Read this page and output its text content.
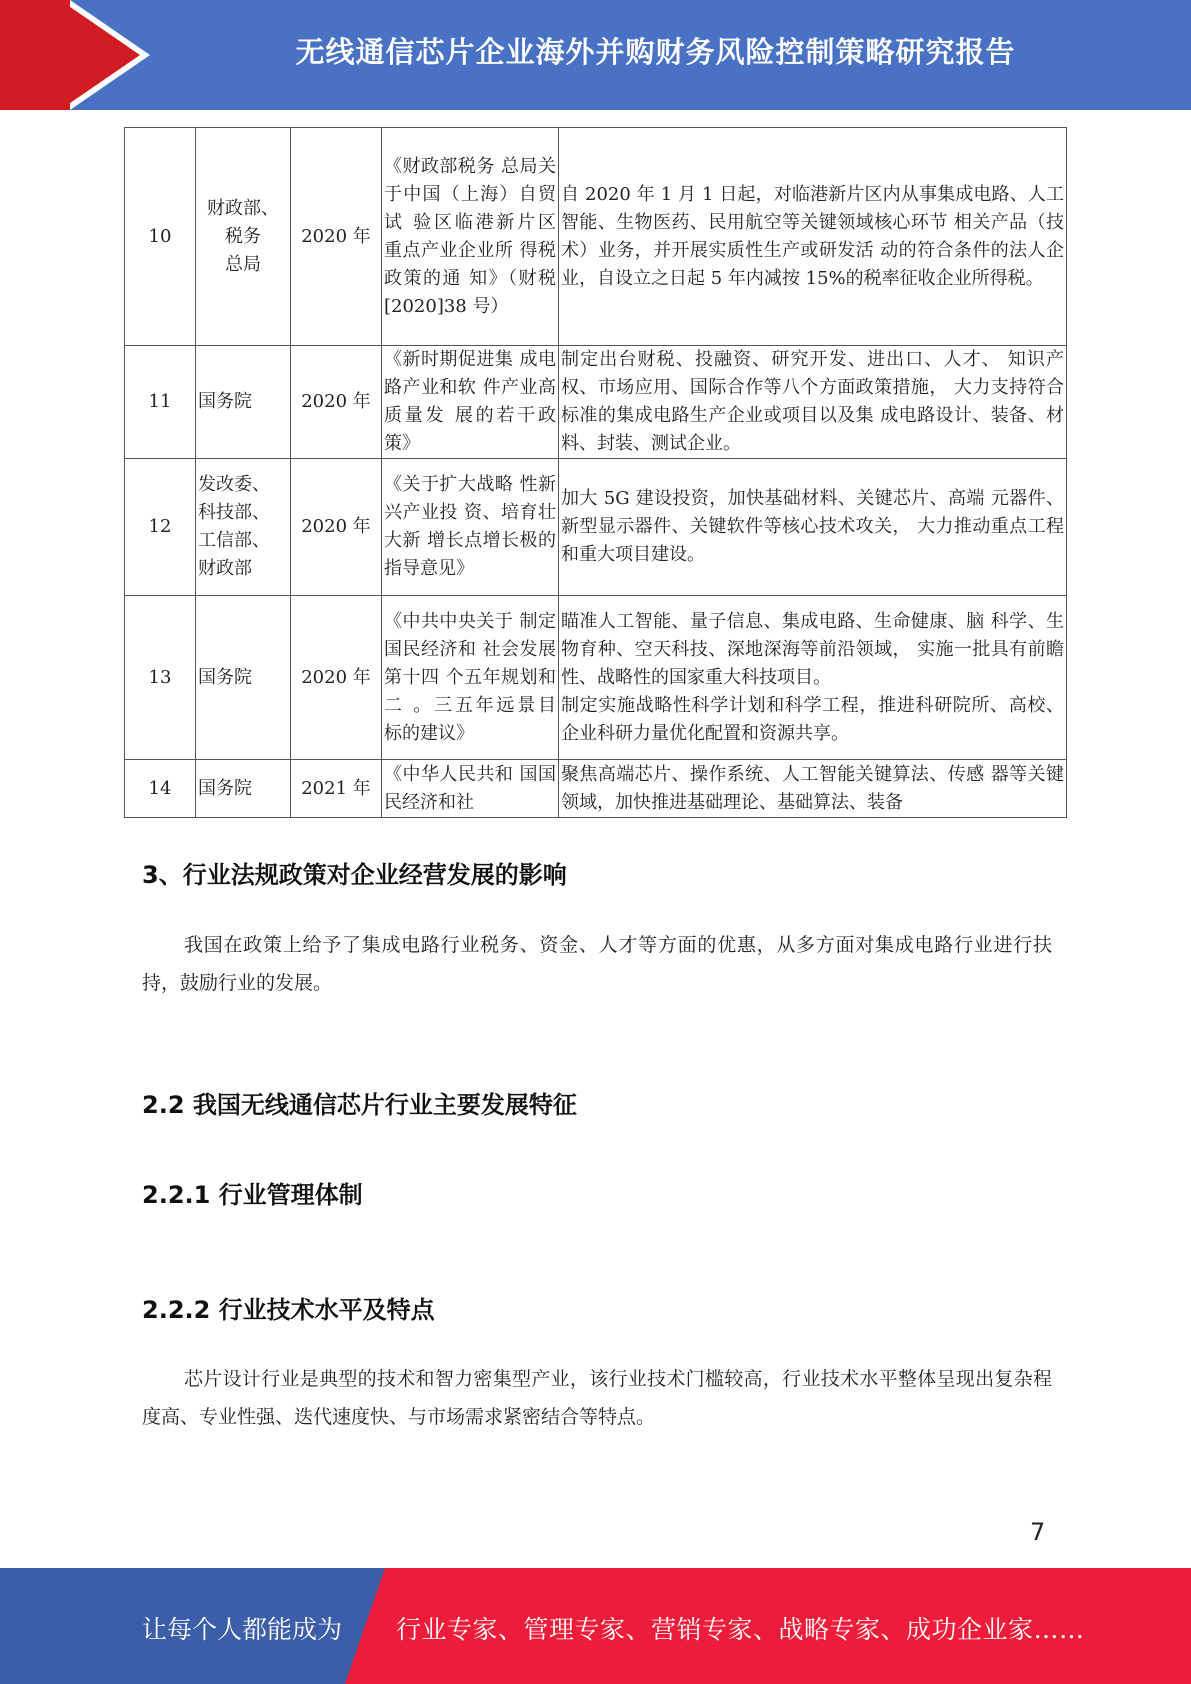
无线通信芯片企业海外并购财务风险控制策略研究报告
10	财政部、
税务
总局	2020 年	《财政部税务 总局关于中国（上海）自贸试 验区临港新片区 重点产业企业所 得税政策的通 知》（财税[2020]38 号）	自 2020 年 1 月 1 日起，对临港新片区内从事集成电路、人工智能、生物医药、民用航空等关键领域核心环节 相关产品（技术）业务，并开展实质性生产或研发活 动的符合条件的法人企业，自设立之日起 5 年内减按 15%的税率征收企业所得税。
11	国务院	2020 年	《新时期促进集 成电路产业和软 件产业高质量发 展的若干政策》	制定出台财税、投融资、研究开发、进出口、人才、 知识产权、市场应用、国际合作等八个方面政策措施， 大力支持符合标准的集成电路生产企业或项目以及集 成电路设计、装备、材料、封装、测试企业。
12	发改委、
科技部、
工信部、
财政部	2020 年	《关于扩大战略 性新兴产业投 资、培育壮大新 增长点增长极的 指导意见》	加大 5G 建设投资，加快基础材料、关键芯片、高端 元器件、新型显示器件、关键软件等核心技术攻关， 大力推动重点工程和重大项目建设。
13	国务院	2020 年	《中共中央关于 制定国民经济和 社会发展第十四 个五年规划和二 。三五年远景目 标的建议》	瞄准人工智能、量子信息、集成电路、生命健康、脑 科学、生物育种、空天科技、深地深海等前沿领域， 实施一批具有前瞻性、战略性的国家重大科技项目。
制定实施战略性科学计划和科学工程，推进科研院所、高校、企业科研力量优化配置和资源共享。

14	国务院	2021 年	《中华人民共和 国国民经济和社	聚焦高端芯片、操作系统、人工智能关键算法、传感 器等关键领域，加快推进基础理论、基础算法、装备
3、行业法规政策对企业经营发展的影响
我国在政策上给予了集成电路行业税务、资金、人才等方面的优惠，从多方面对集成电路行业进行扶持，鼓励行业的发展。
2.2 我国无线通信芯片行业主要发展特征
2.2.1 行业管理体制
2.2.2 行业技术水平及特点
芯片设计行业是典型的技术和智力密集型产业，该行业技术门槛较高，行业技术水平整体呈现出复杂程度高、专业性强、迭代速度快、与市场需求紧密结合等特点。
7
让每个人都能成为 行业专家、管理专家、营销专家、战略专家、成功企业家……
